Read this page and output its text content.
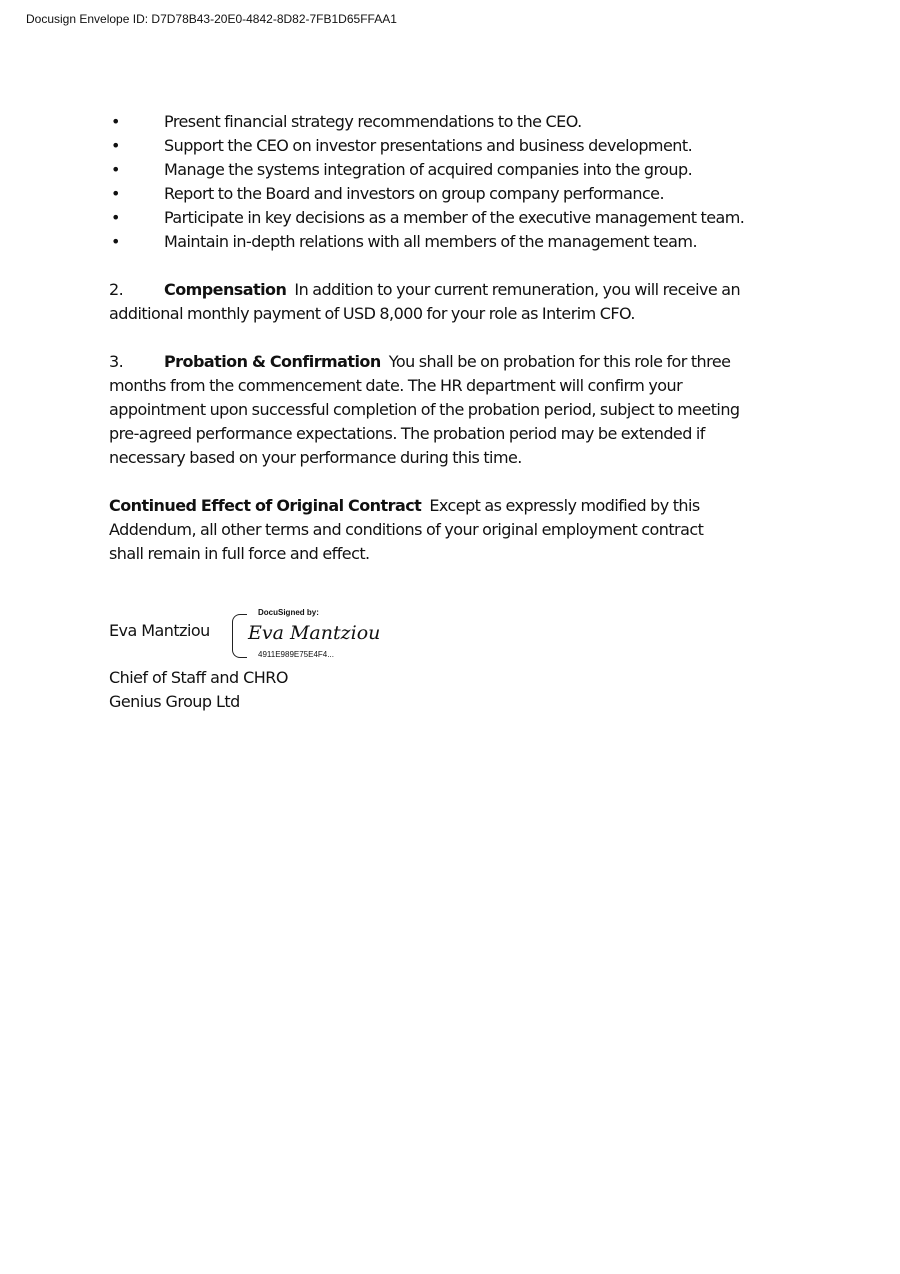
Docusign Envelope ID: D7D78B43-20E0-4842-8D82-7FB1D65FFAA1
•	Present financial strategy recommendations to the CEO.
•	Support the CEO on investor presentations and business development.
•	Manage the systems integration of acquired companies into the group.
•	Report to the Board and investors on group company performance.
•	Participate in key decisions as a member of the executive management team.
•	Maintain in-depth relations with all members of the management team.
2.	Compensation In addition to your current remuneration, you will receive an
additional monthly payment of USD 8,000 for your role as Interim CFO.
3.	Probation & Confirmation You shall be on probation for this role for three
months from the commencement date. The HR department will confirm your
appointment upon successful completion of the probation period, subject to meeting
pre-agreed performance expectations. The probation period may be extended if
necessary based on your performance during this time.
Continued Effect of Original Contract Except as expressly modified by this
Addendum, all other terms and conditions of your original employment contract
shall remain in full force and effect.
Eva Mantziou
DocuSigned by:
Eva Mantziou
4911E989E75E4F4...
Chief of Staff and CHRO
Genius Group Ltd
